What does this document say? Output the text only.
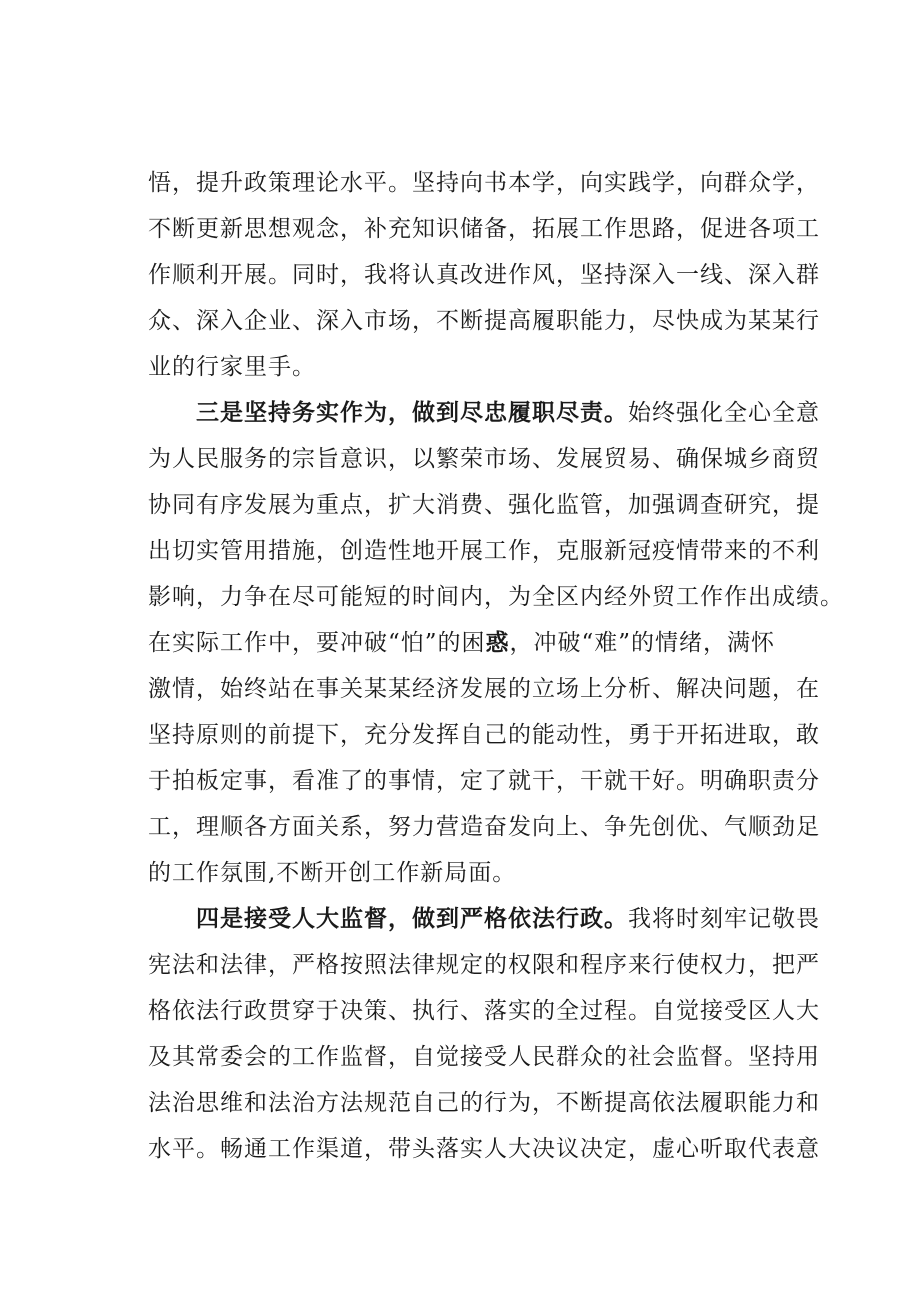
悟，提升政策理论水平。坚持向书本学，向实践学，向群众学，
不断更新思想观念，补充知识储备，拓展工作思路，促进各项工
作顺利开展。同时，我将认真改进作风，坚持深入一线、深入群
众、深入企业、深入市场，不断提高履职能力，尽快成为某某行
业的行家里手。
三是坚持务实作为，做到尽忠履职尽责。始终强化全心全意
为人民服务的宗旨意识，以繁荣市场、发展贸易、确保城乡商贸
协同有序发展为重点，扩大消费、强化监管，加强调查研究，提
出切实管用措施，创造性地开展工作，克服新冠疫情带来的不利
影响，力争在尽可能短的时间内，为全区内经外贸工作作出成绩。
在实际工作中，要冲破“怕”的困惑，冲破“难”的情绪，满怀
激情，始终站在事关某某经济发展的立场上分析、解决问题，在
坚持原则的前提下，充分发挥自己的能动性，勇于开拓进取，敢
于拍板定事，看准了的事情，定了就干，干就干好。明确职责分
工，理顺各方面关系，努力营造奋发向上、争先创优、气顺劲足
的工作氛围,不断开创工作新局面。
四是接受人大监督，做到严格依法行政。我将时刻牢记敬畏
宪法和法律，严格按照法律规定的权限和程序来行使权力，把严
格依法行政贯穿于决策、执行、落实的全过程。自觉接受区人大
及其常委会的工作监督，自觉接受人民群众的社会监督。坚持用
法治思维和法治方法规范自己的行为，不断提高依法履职能力和
水平。畅通工作渠道，带头落实人大决议决定，虚心听取代表意
